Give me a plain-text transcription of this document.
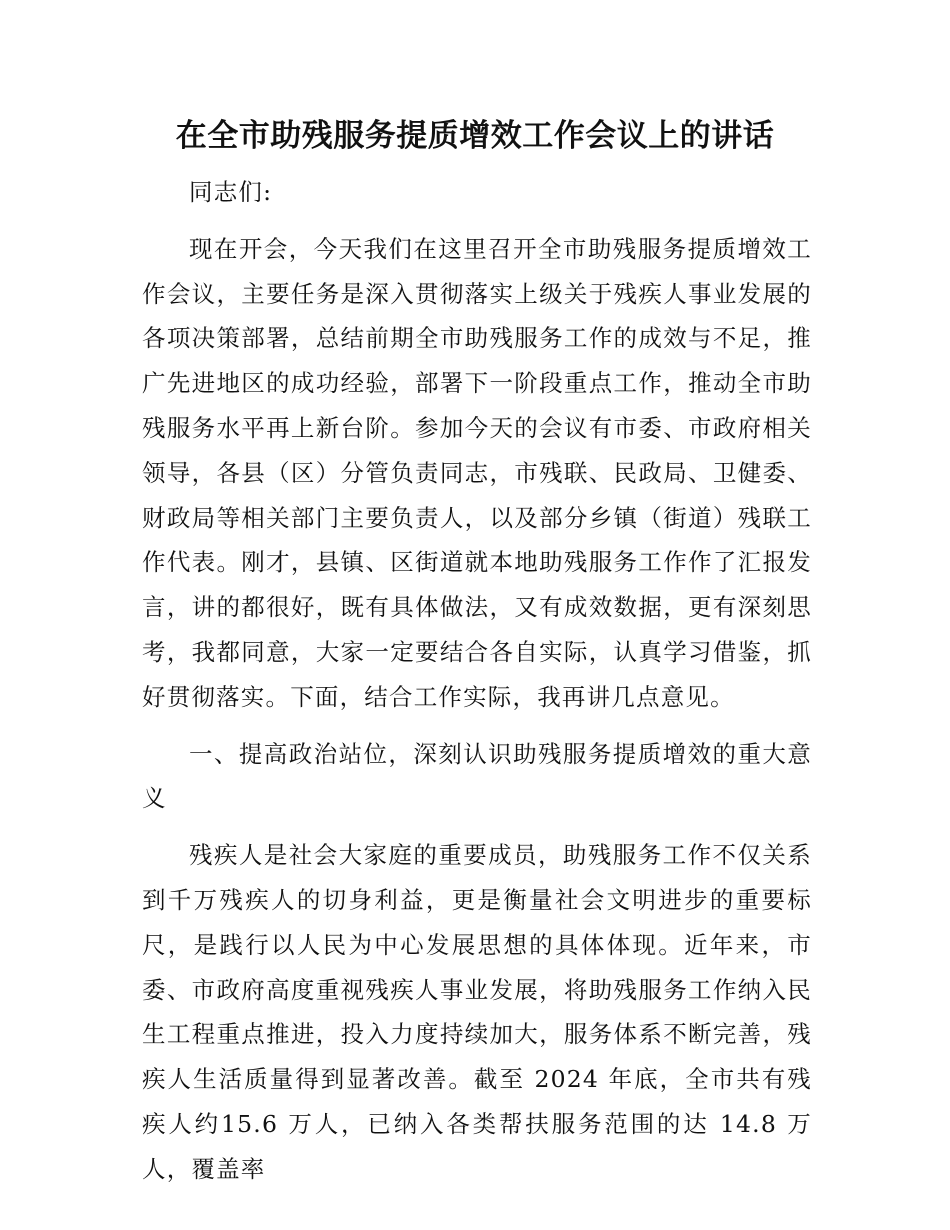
在全市助残服务提质增效工作会议上的讲话

同志们:

现在开会，今天我们在这里召开全市助残服务提质增效工作会议，主要任务是深入贯彻落实上级关于残疾人事业发展的各项决策部署，总结前期全市助残服务工作的成效与不足，推广先进地区的成功经验，部署下一阶段重点工作，推动全市助残服务水平再上新台阶。参加今天的会议有市委、市政府相关领导，各县（区）分管负责同志，市残联、民政局、卫健委、财政局等相关部门主要负责人，以及部分乡镇（街道）残联工作代表。刚才，县镇、区街道就本地助残服务工作作了汇报发言，讲的都很好，既有具体做法，又有成效数据，更有深刻思考，我都同意，大家一定要结合各自实际，认真学习借鉴，抓好贯彻落实。下面，结合工作实际，我再讲几点意见。

一、提高政治站位，深刻认识助残服务提质增效的重大意义

残疾人是社会大家庭的重要成员，助残服务工作不仅关系到千万残疾人的切身利益，更是衡量社会文明进步的重要标尺，是践行以人民为中心发展思想的具体体现。近年来，市委、市政府高度重视残疾人事业发展，将助残服务工作纳入民生工程重点推进，投入力度持续加大，服务体系不断完善，残疾人生活质量得到显著改善。截至 2024 年底，全市共有残疾人约15.6 万人，已纳入各类帮扶服务范围的达 14.8 万人，覆盖率
